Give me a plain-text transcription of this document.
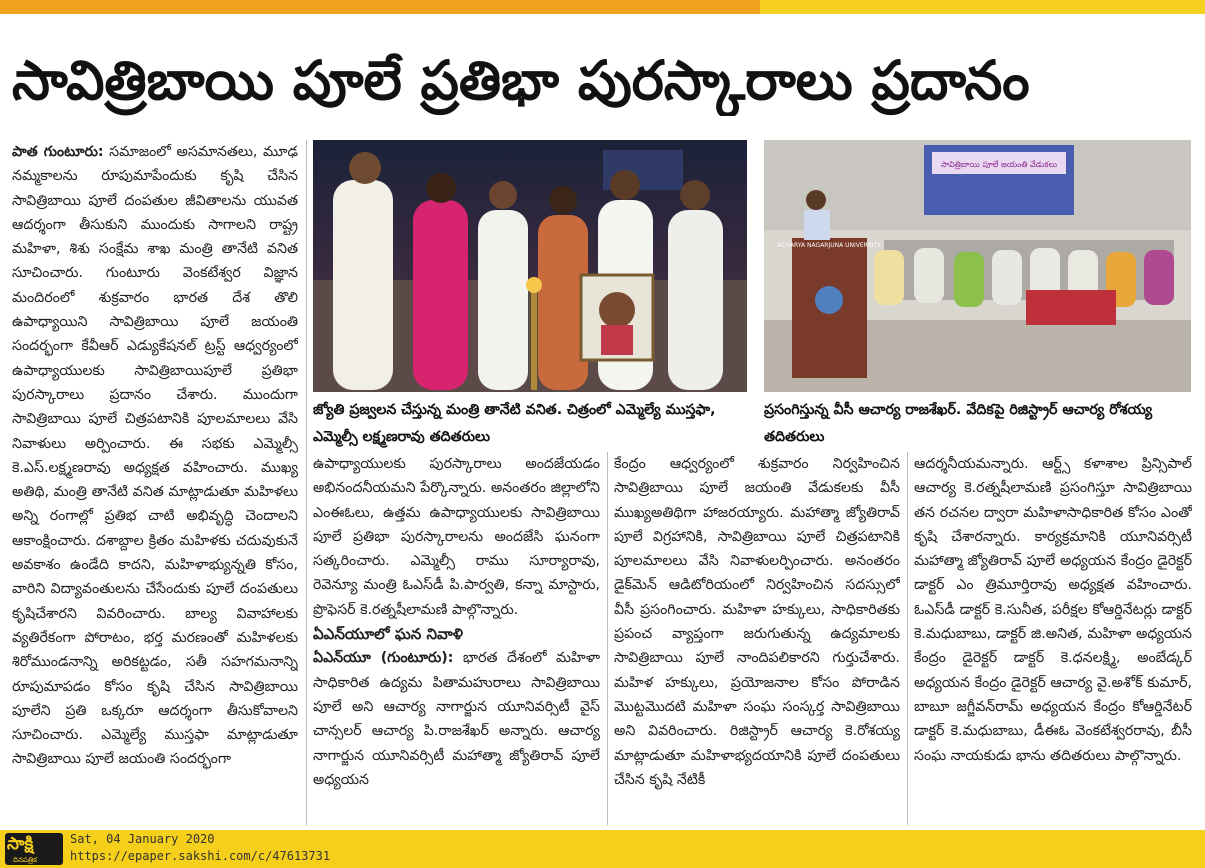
సావిత్రిబాయి పూలే ప్రతిభా పురస్కారాలు ప్రదానం

పాత గుంటూరు: సమాజంలో అసమానతలు, మూఢ నమ్మకాలను రూపుమాపేందుకు కృషి చేసిన సావిత్రిబాయి పూలే దంపతుల జీవితాలను యువత ఆదర్శంగా తీసుకుని ముందుకు సాగాలని రాష్ట్ర మహిళా, శిశు సంక్షేమ శాఖ మంత్రి తానేటి వనిత సూచించారు. గుంటూరు వెంకటేశ్వర విజ్ఞాన మందిరంలో శుక్రవారం భారత దేశ తొలి ఉపాధ్యాయిని సావిత్రిబాయి పూలే జయంతి సందర్భంగా కేవీఆర్ ఎడ్యుకేషనల్ ట్రస్ట్ ఆధ్వర్యంలో ఉపాధ్యాయులకు సావిత్రిబాయిపూలే ప్రతిభా పురస్కారాలు ప్రదానం చేశారు. ముందుగా సావిత్రిబాయి పూలే చిత్రపటానికి పూలమాలలు వేసి నివాళులు అర్పించారు. ఈ సభకు ఎమ్మెల్సీ కె.ఎస్.లక్ష్మణరావు అధ్యక్షత వహించారు. ముఖ్య అతిథి, మంత్రి తానేటి వనిత మాట్లాడుతూ మహిళలు అన్ని రంగాల్లో ప్రతిభ చాటి అభివృద్ధి చెందాలని ఆకాంక్షించారు. దశాబ్దాల క్రితం మహిళకు చదువుకునే అవకాశం ఉండేది కాదని, మహిళాభ్యున్నతి కోసం, వారిని విద్యావంతులను చేసేందుకు పూలే దంపతులు కృషిచేశారని వివరించారు. బాల్య వివాహాలకు వ్యతిరేకంగా పోరాటం, భర్త మరణంతో మహిళలకు శిరోముండనాన్ని అరికట్టడం, సతీ సహగమనాన్ని రూపుమాపడం కోసం కృషి చేసిన సావిత్రిబాయి పూలేని ప్రతి ఒక్కరూ ఆదర్శంగా తీసుకోవాలని సూచించారు. ఎమ్మెల్యే ముస్తఫా మాట్లాడుతూ సావిత్రిబాయి పూలే జయంతి సందర్భంగా

సావిత్రిబాయి పూలే జయంతి వేడుకలు
ACHARYA NAGARJUNA UNIVERSITY
జ్యోతి ప్రజ్వలన చేస్తున్న మంత్రి తానేటి వనిత. చిత్రంలో ఎమ్మెల్యే ముస్తఫా, ఎమ్మెల్సీ లక్ష్మణరావు తదితరులు
ప్రసంగిస్తున్న వీసీ ఆచార్య రాజశేఖర్. వేదికపై రిజిస్ట్రార్ ఆచార్య రోశయ్య తదితరులు

ఉపాధ్యాయులకు పురస్కారాలు అందజేయడం అభినందనీయమని పేర్కొన్నారు. అనంతరం జిల్లాలోని ఎంఈఓలు, ఉత్తమ ఉపాధ్యాయులకు సావిత్రిబాయి పూలే ప్రతిభా పురస్కారాలను అందజేసి ఘనంగా సత్కరించారు. ఎమ్మెల్సీ రాము సూర్యారావు, రెవెన్యూ మంత్రి ఓఎస్‌డీ పి.పార్వతి, కన్నా మాస్టారు, ప్రొఫెసర్ కె.రత్నషీలామణి పాల్గొన్నారు.

ఏఎన్‌యూలో ఘన నివాళి

ఏఎన్‌యూ (గుంటూరు): భారత దేశంలో మహిళా సాధికారిత ఉద్యమ పితామహురాలు సావిత్రిబాయి పూలే అని ఆచార్య నాగార్జున యూనివర్సిటీ వైస్ చాన్సలర్ ఆచార్య పి.రాజశేఖర్ అన్నారు. ఆచార్య నాగార్జున యూనివర్సిటీ మహాత్మా జ్యోతిరావ్ పూలే అధ్యయన

కేంద్రం ఆధ్వర్యంలో శుక్రవారం నిర్వహించిన సావిత్రిబాయి పూలే జయంతి వేడుకలకు వీసీ ముఖ్యఅతిథిగా హాజరయ్యారు. మహాత్మా జ్యోతిరావ్ పూలే విగ్రహానికి, సావిత్రిబాయి పూలే చిత్రపటానికి పూలమాలలు వేసి నివాళులర్పించారు. అనంతరం డైక్‌మెన్ ఆడిటోరియంలో నిర్వహించిన సదస్సులో వీసీ ప్రసంగించారు. మహిళా హక్కులు, సాధికారితకు ప్రపంచ వ్యాప్తంగా జరుగుతున్న ఉద్యమాలకు సావిత్రిబాయి పూలే నాందిపలికారని గుర్తుచేశారు. మహిళ హక్కులు, ప్రయోజనాల కోసం పోరాడిన మొట్టమొదటి మహిళా సంఘ సంస్కర్త సావిత్రిబాయి అని వివరించారు. రిజిస్ట్రార్ ఆచార్య కె.రోశయ్య మాట్లాడుతూ మహిళాభ్యదయానికి పూలే దంపతులు చేసిన కృషి నేటికీ

ఆదర్శనీయమన్నారు. ఆర్ట్స్ కళాశాల ప్రిన్సిపాల్ ఆచార్య కె.రత్నషీలామణి ప్రసంగిస్తూ సావిత్రిబాయి తన రచనల ద్వారా మహిళాసాధికారిత కోసం ఎంతో కృషి చేశారన్నారు. కార్యక్రమానికి యూనివర్సిటీ మహాత్మా జ్యోతిరావ్ పూలే అధ్యయన కేంద్రం డైరెక్టర్ డాక్టర్ ఎం త్రిమూర్తిరావు అధ్యక్షత వహించారు. ఓఎస్‌డీ డాక్టర్ కె.సునీత, పరీక్షల కోఆర్డినేటర్లు డాక్టర్ కె.మధుబాబు, డాక్టర్ జి.అనిత, మహిళా అధ్యయన కేంద్రం డైరెక్టర్ డాక్టర్ కె.ధనలక్ష్మి, అంబేడ్కర్ అధ్యయన కేంద్రం డైరెక్టర్ ఆచార్య వై.అశోక్ కుమార్, బాబూ జగ్జీవన్‌రామ్ అధ్యయన కేంద్రం కోఆర్డినేటర్ డాక్టర్ కె.మధుబాబు, డీఈఓ వెంకటేశ్వరరావు, బీసీ సంఘ నాయకుడు భాను తదితరులు పాల్గొన్నారు.

సాక్షి
దినపత్రిక
Sat, 04 January 2020
https://epaper.sakshi.com/c/47613731
